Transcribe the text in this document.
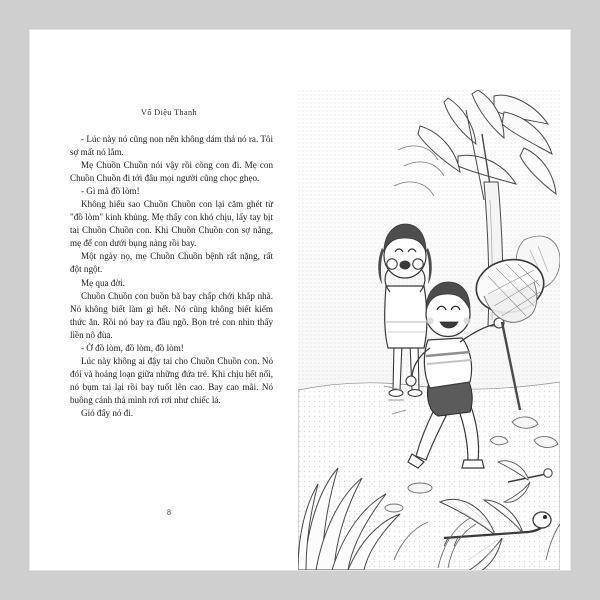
Võ Diệu Thanh

- Lúc này nó cũng non nên không dám thả nó ra. Tôi sợ mất nó lắm.

Mẹ Chuồn Chuồn nói vậy rồi cõng con đi. Mẹ con Chuồn Chuồn đi tới đâu mọi người cũng chọc ghẹo.

- Gì mà đồ lòm!

Không hiểu sao Chuồn Chuồn con lại căm ghét từ "đồ lòm" kinh khủng. Mẹ thấy con khó chịu, lấy tay bịt tai Chuồn Chuồn con. Khi Chuồn Chuồn con sợ nắng, mẹ để con dưới bụng nàng rồi bay.

Một ngày nọ, mẹ Chuồn Chuồn bệnh rất nặng, rất đột ngột.

Mẹ qua đời.

Chuồn Chuồn con buồn bã bay chấp chới khắp nhà. Nó không biết làm gì hết. Nó cũng không biết kiếm thức ăn. Rồi nó bay ra đầu ngõ. Bọn trẻ con nhìn thấy liền nô đùa.

- Ờ đồ lòm, đồ lòm, đồ lòm!

Lúc này không ai đậy tai cho Chuồn Chuồn con. Nó đói và hoảng loạn giữa những đứa trẻ. Khi chịu hết nổi, nó bụm tai lại rồi bay tuốt lên cao. Bay cao mãi. Nó buông cánh thả mình rơi rơi như chiếc lá.

Gió đẩy nó đi.

8
